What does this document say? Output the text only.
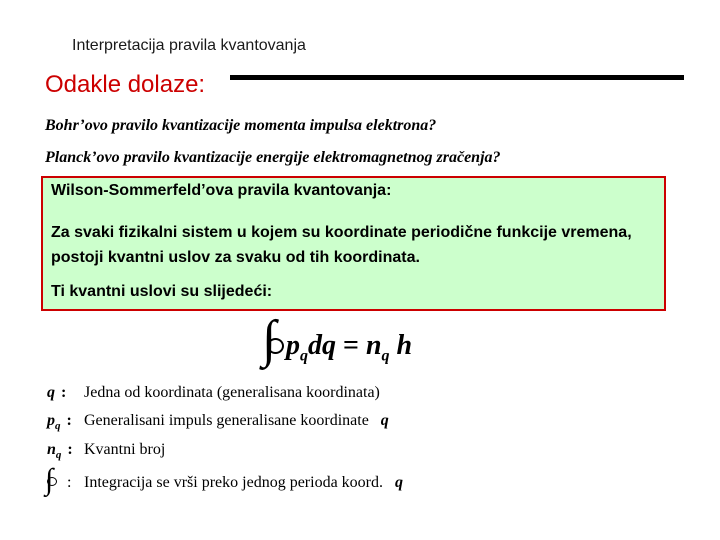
Interpretacija pravila kvantovanja
Odakle dolaze:
Bohr’ovo pravilo kvantizacije momenta impulsa elektrona?
Planck’ovo pravilo kvantizacije energije elektromagnetnog zračenja?
Wilson-Sommerfeld’ova pravila kvantovanja:
Za svaki fizikalni sistem u kojem su koordinate periodične funkcije vremena, postoji kvantni uslov za svaku od tih koordinata.
Ti kvantni uslovi su slijedeći:
∫ $p_qdq = n_q$ h
q : Jedna od koordinata (generalisana koordinata)
$p_q$ : Generalisani impuls generalisane koordinate q
$n_q$ : Kvantni broj
∫ : Integracija se vrši preko jednog perioda koord. q
